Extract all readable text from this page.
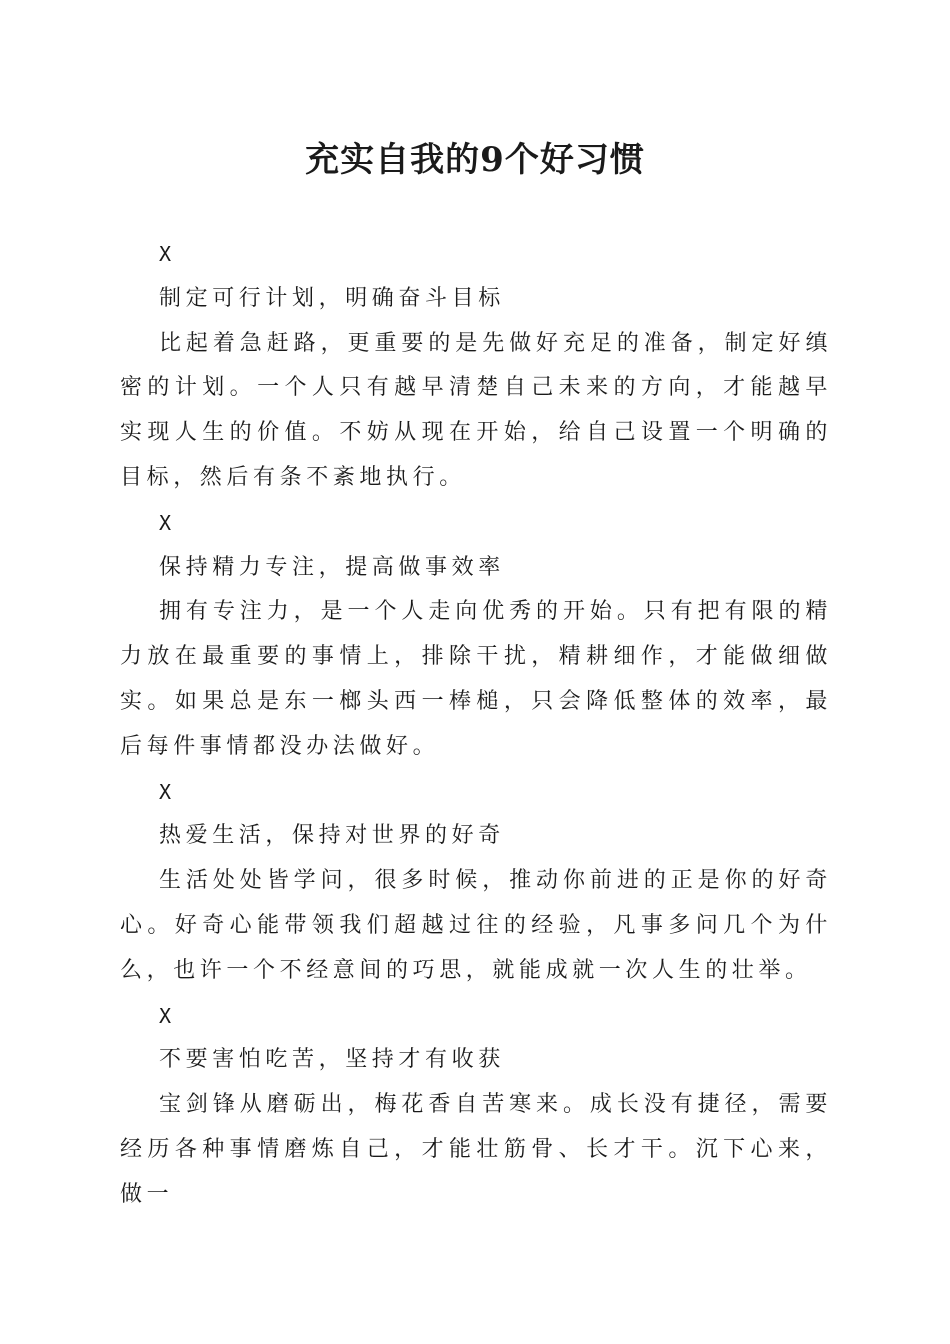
充实自我的9个好习惯

X

制定可行计划，明确奋斗目标

比起着急赶路，更重要的是先做好充足的准备，制定好缜密的计划。一个人只有越早清楚自己未来的方向，才能越早实现人生的价值。不妨从现在开始，给自己设置一个明确的目标，然后有条不紊地执行。

X

保持精力专注，提高做事效率

拥有专注力，是一个人走向优秀的开始。只有把有限的精力放在最重要的事情上，排除干扰，精耕细作，才能做细做实。如果总是东一榔头西一棒槌，只会降低整体的效率，最后每件事情都没办法做好。

X

热爱生活，保持对世界的好奇

生活处处皆学问，很多时候，推动你前进的正是你的好奇心。好奇心能带领我们超越过往的经验，凡事多问几个为什么，也许一个不经意间的巧思，就能成就一次人生的壮举。

X

不要害怕吃苦，坚持才有收获

宝剑锋从磨砺出，梅花香自苦寒来。成长没有捷径，需要经历各种事情磨炼自己，才能壮筋骨、长才干。沉下心来，做一
